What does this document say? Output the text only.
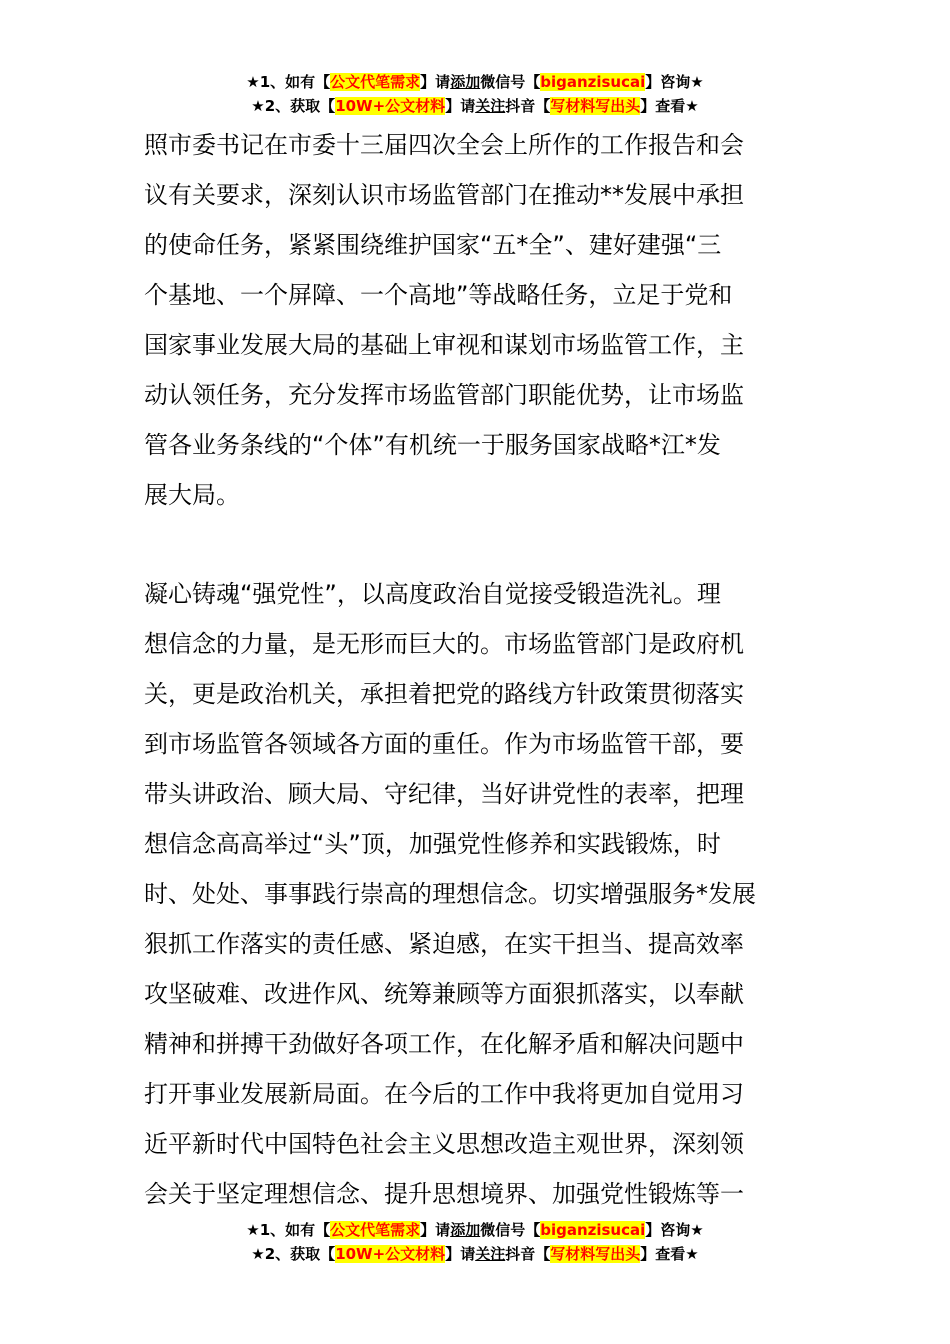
★1、如有【公文代笔需求】请添加微信号【biganzisucai】咨询★
★2、获取【10W+公文材料】请关注抖音【写材料写出头】查看★
照市委书记在市委十三届四次全会上所作的工作报告和会
议有关要求，深刻认识市场监管部门在推动**发展中承担
的使命任务，紧紧围绕维护国家“五*全”、建好建强“三
个基地、一个屏障、一个高地”等战略任务，立足于党和
国家事业发展大局的基础上审视和谋划市场监管工作，主
动认领任务，充分发挥市场监管部门职能优势，让市场监
管各业务条线的“个体”有机统一于服务国家战略*江*发
展大局。
凝心铸魂“强党性”，以高度政治自觉接受锻造洗礼。理
想信念的力量，是无形而巨大的。市场监管部门是政府机
关，更是政治机关，承担着把党的路线方针政策贯彻落实
到市场监管各领域各方面的重任。作为市场监管干部，要
带头讲政治、顾大局、守纪律，当好讲党性的表率，把理
想信念高高举过“头”顶，加强党性修养和实践锻炼，时
时、处处、事事践行崇高的理想信念。切实增强服务*发展
狠抓工作落实的责任感、紧迫感，在实干担当、提高效率
攻坚破难、改进作风、统筹兼顾等方面狠抓落实，以奉献
精神和拼搏干劲做好各项工作，在化解矛盾和解决问题中
打开事业发展新局面。在今后的工作中我将更加自觉用习
近平新时代中国特色社会主义思想改造主观世界，深刻领
会关于坚定理想信念、提升思想境界、加强党性锻炼等一
★1、如有【公文代笔需求】请添加微信号【biganzisucai】咨询★
★2、获取【10W+公文材料】请关注抖音【写材料写出头】查看★
